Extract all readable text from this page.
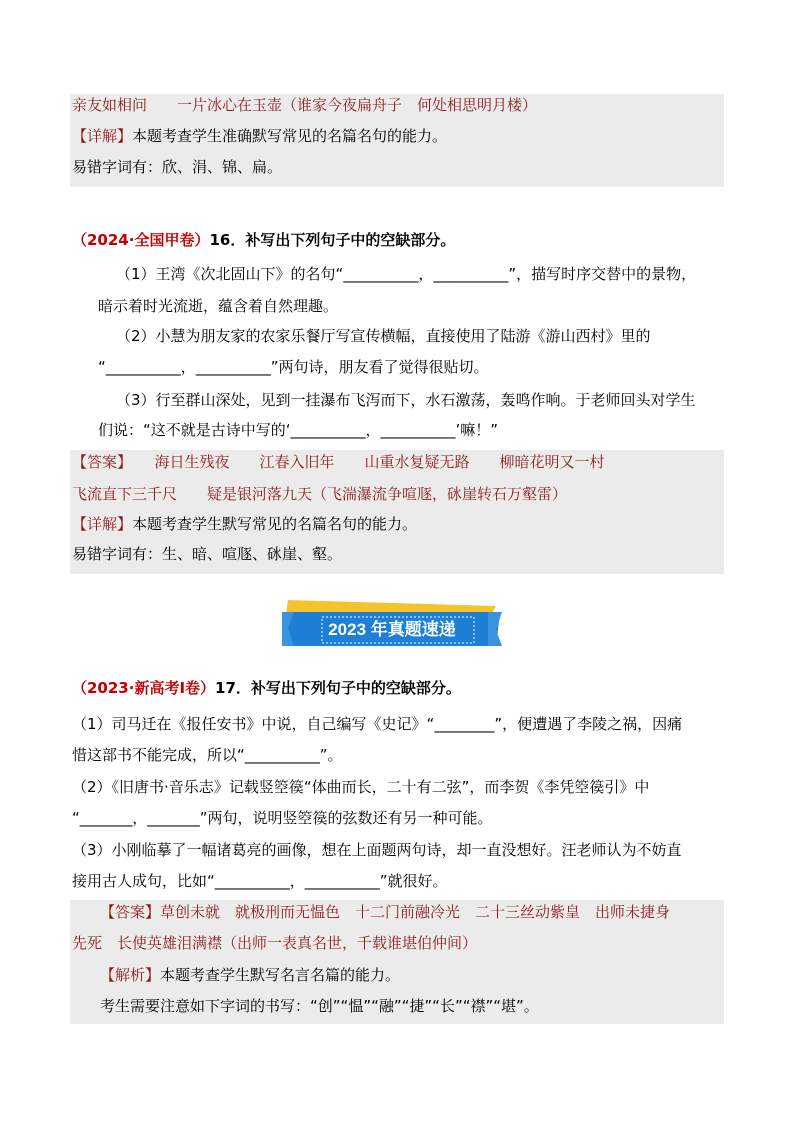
亲友如相问　　一片冰心在玉壶（谁家今夜扁舟子　何处相思明月楼）
【详解】本题考查学生准确默写常见的名篇名句的能力。
易错字词有：欣、涓、锦、扁。
（2024·全国甲卷）16．补写出下列句子中的空缺部分。
（1）王湾《次北固山下》的名句“__________，__________”，描写时序交替中的景物，
暗示着时光流逝，蕴含着自然理趣。
（2）小慧为朋友家的农家乐餐厅写宣传横幅，直接使用了陆游《游山西村》里的
“__________，__________”两句诗，朋友看了觉得很贴切。
（3）行至群山深处，见到一挂瀑布飞泻而下，水石激荡，轰鸣作响。于老师回头对学生
们说：“这不就是古诗中写的‘__________，__________’嘛！”
【答案】　　海日生残夜　　江春入旧年　　山重水复疑无路　　柳暗花明又一村
飞流直下三千尺　　疑是银河落九天（飞湍瀑流争喧豗，砯崖转石万壑雷）
【详解】本题考查学生默写常见的名篇名句的能力。
易错字词有：生、暗、喧豗、砯崖、壑。
2023 年真题速递
（2023·新高考Ⅰ卷）17．补写出下列句子中的空缺部分。
（1）司马迁在《报任安书》中说，自己编写《史记》“________”，便遭遇了李陵之祸，因痛
惜这部书不能完成，所以“__________”。
（2）《旧唐书·音乐志》记载竖箜篌“体曲而长，二十有二弦”，而李贺《李凭箜篌引》中
“_______，_______”两句，说明竖箜篌的弦数还有另一种可能。
（3）小刚临摹了一幅诸葛亮的画像，想在上面题两句诗，却一直没想好。汪老师认为不妨直
接用古人成句，比如“__________，__________”就很好。
【答案】草创未就　就极刑而无愠色　十二门前融冷光　二十三丝动紫皇　出师未捷身
先死　长使英雄泪满襟（出师一表真名世，千载谁堪伯仲间）
【解析】本题考查学生默写名言名篇的能力。
考生需要注意如下字词的书写：“创”“愠”“融”“捷”“长”“襟”“堪”。
